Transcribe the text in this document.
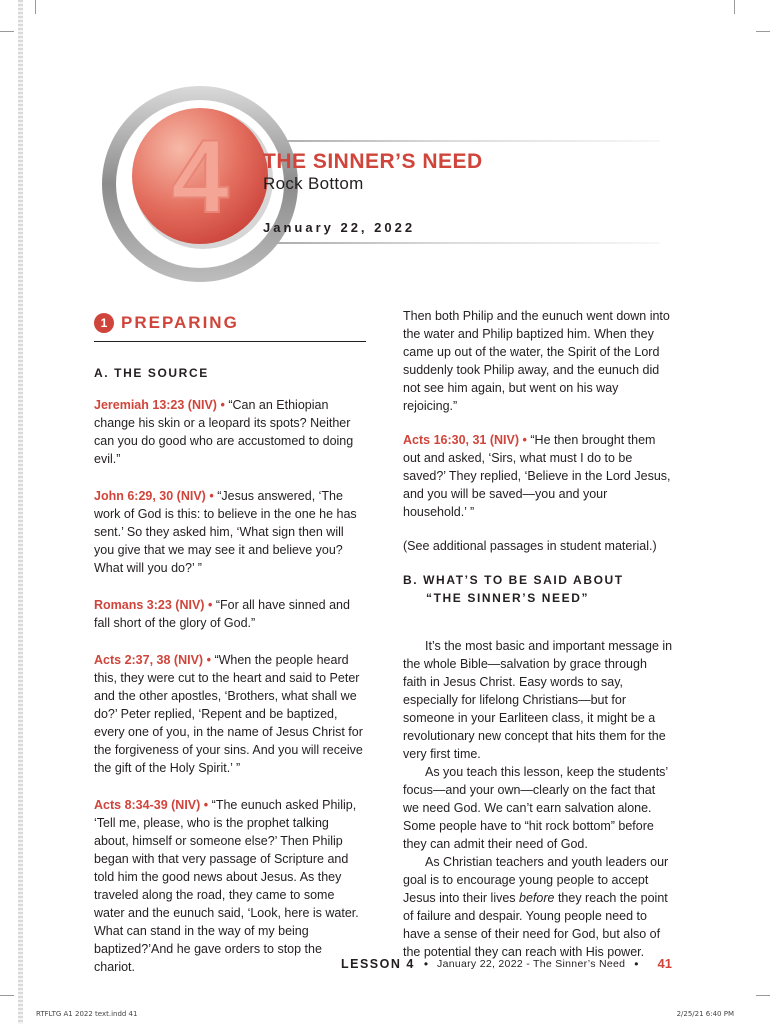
4 THE SINNER’S NEED
Rock Bottom
January 22, 2022
1 PREPARING
A. THE SOURCE

Jeremiah 13:23 (NIV) • “Can an Ethiopian change his skin or a leopard its spots? Neither can you do good who are accustomed to doing evil.”

John 6:29, 30 (NIV) • “Jesus answered, ‘The work of God is this: to believe in the one he has sent.’ So they asked him, ‘What sign then will you give that we may see it and believe you? What will you do?’ ”

Romans 3:23 (NIV) • “For all have sinned and fall short of the glory of God.”

Acts 2:37, 38 (NIV) • “When the people heard this, they were cut to the heart and said to Peter and the other apostles, ‘Brothers, what shall we do?’ Peter replied, ‘Repent and be baptized, every one of you, in the name of Jesus Christ for the forgiveness of your sins. And you will receive the gift of the Holy Spirit.’ ”

Acts 8:34-39 (NIV) • “The eunuch asked Philip, ‘Tell me, please, who is the prophet talking about, himself or someone else?’ Then Philip began with that very passage of Scripture and told him the good news about Jesus. As they traveled along the road, they came to some water and the eunuch said, ‘Look, here is water. What can stand in the way of my being baptized?’And he gave orders to stop the chariot.

Then both Philip and the eunuch went down into the water and Philip baptized him. When they came up out of the water, the Spirit of the Lord suddenly took Philip away, and the eunuch did not see him again, but went on his way rejoicing.”

Acts 16:30, 31 (NIV) • “He then brought them out and asked, ‘Sirs, what must I do to be saved?’ They replied, ‘Believe in the Lord Jesus, and you will be saved—you and your household.’ ”

(See additional passages in student material.)

B. WHAT’S TO BE SAID ABOUT
“THE SINNER’S NEED”

It’s the most basic and important message in the whole Bible—salvation by grace through faith in Jesus Christ. Easy words to say, especially for lifelong Christians—but for someone in your Earliteen class, it might be a revolutionary new concept that hits them for the very first time.

As you teach this lesson, keep the students’ focus—and your own—clearly on the fact that we need God. We can’t earn salvation alone. Some people have to “hit rock bottom” before they can admit their need of God.

As Christian teachers and youth leaders our goal is to encourage young people to accept Jesus into their lives before they reach the point of failure and despair. Young people need to have a sense of their need for God, but also of the potential they can reach with His power.

LESSON 4 • January 22, 2022 - The Sinner’s Need • 41
RTFLTG A1 2022 text.indd 41	2/25/21 6:40 PM
